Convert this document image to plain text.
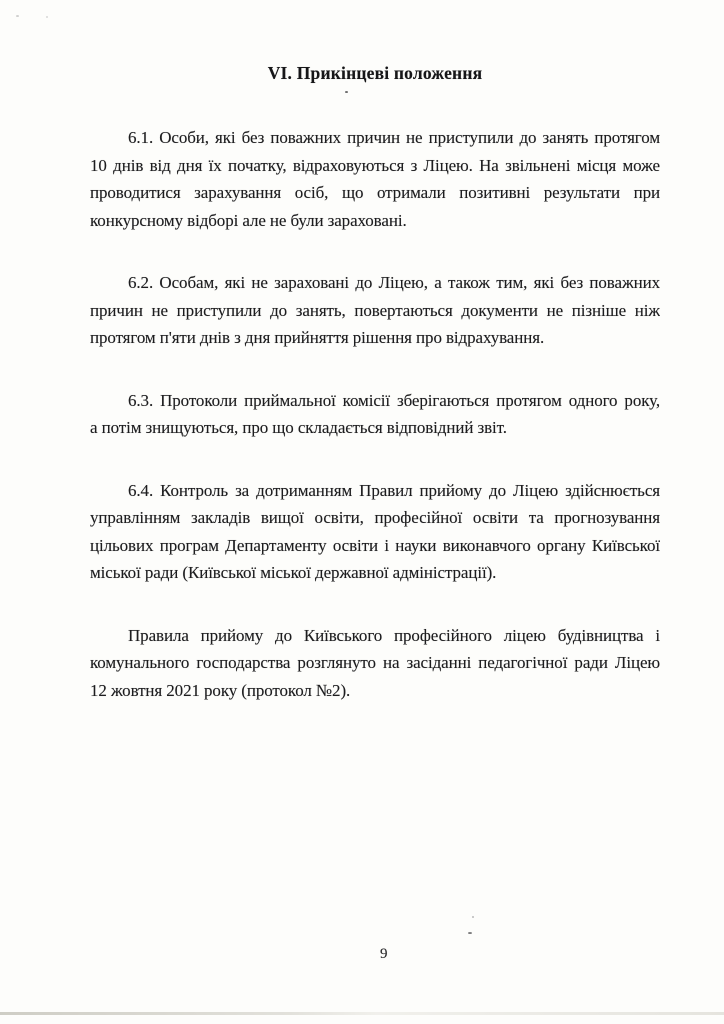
VI. Прикінцеві положення
6.1. Особи, які без поважних причин не приступили до занять протягом
10 днів від дня їх початку, відраховуються з Ліцею. На звільнені місця може
проводитися зарахування осіб, що отримали позитивні результати при
конкурсному відборі але не були зараховані.
6.2. Особам, які не зараховані до Ліцею, а також тим, які без поважних
причин не приступили до занять, повертаються документи не пізніше ніж
протягом п'яти днів з дня прийняття рішення про відрахування.
6.3. Протоколи приймальної комісії зберігаються протягом одного року,
а потім знищуються, про що складається відповідний звіт.
6.4. Контроль за дотриманням Правил прийому до Ліцею здійснюється
управлінням закладів вищої освіти, професійної освіти та прогнозування
цільових програм Департаменту освіти і науки виконавчого органу Київської
міської ради (Київської міської державної адміністрації).
Правила прийому до Київського професійного ліцею будівництва і
комунального господарства розглянуто на засіданні педагогічної ради Ліцею
12 жовтня 2021 року (протокол №2).
9
